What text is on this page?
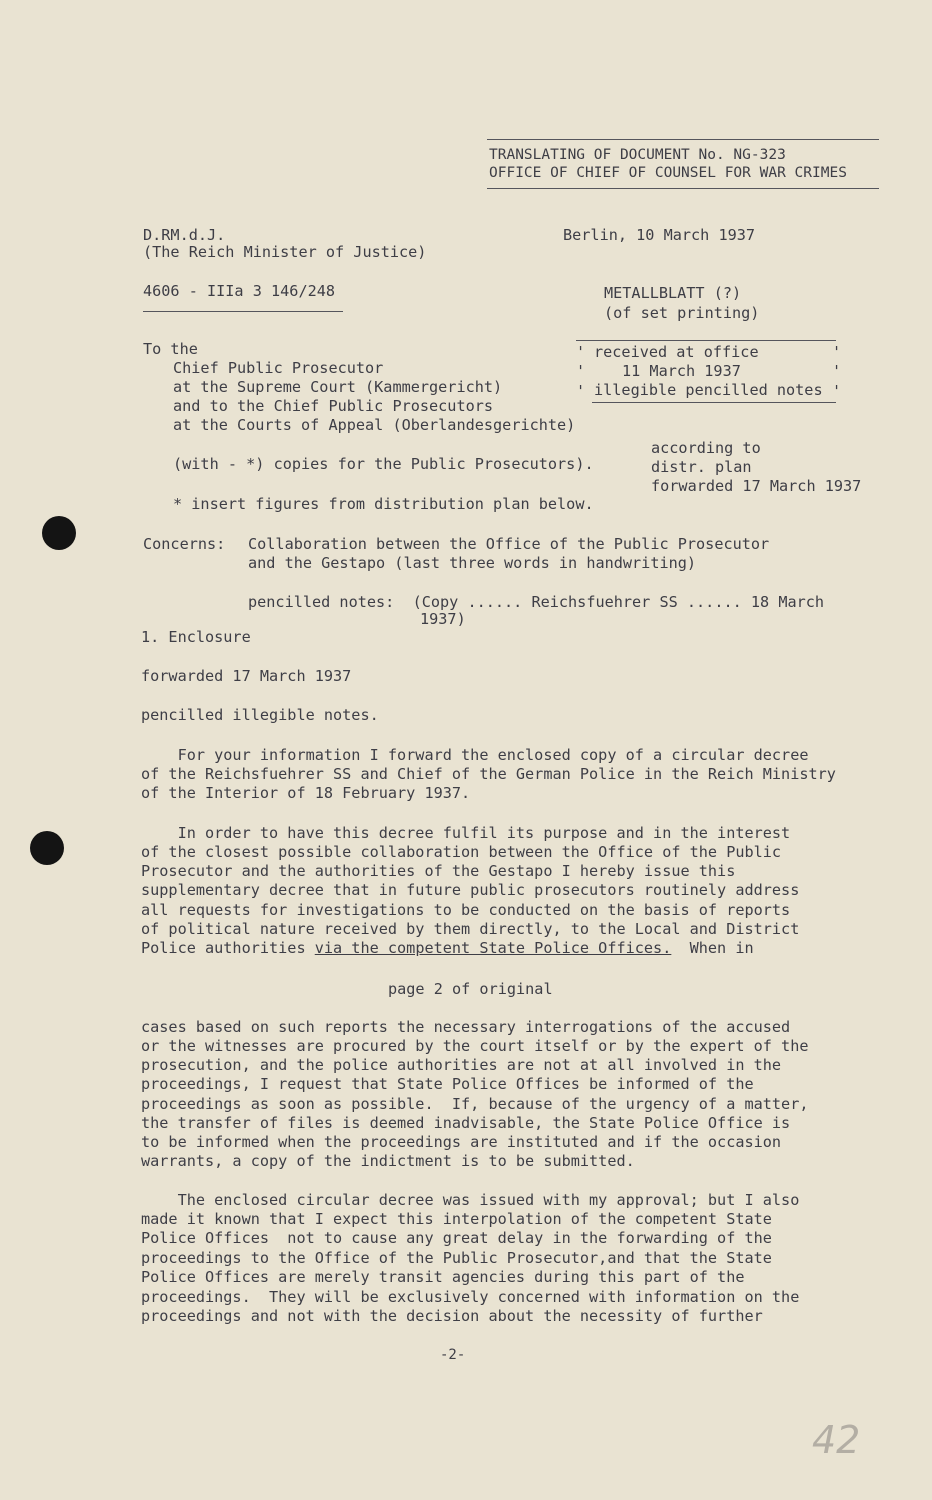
TRANSLATING OF DOCUMENT No. NG-323
OFFICE OF CHIEF OF COUNSEL FOR WAR CRIMES
D.RM.d.J.
(The Reich Minister of Justice)
4606 - IIIa 3 146/248
Berlin, 10 March 1937
METALLBLATT (?)
(of set printing)
'
'
'
'
'
'
received at office
11 March 1937
illegible pencilled notes
To the
Chief Public Prosecutor
at the Supreme Court (Kammergericht)
and to the Chief Public Prosecutors
at the Courts of Appeal (Oberlandesgerichte)
according to
distr. plan
forwarded 17 March 1937
(with - *) copies for the Public Prosecutors).
* insert figures from distribution plan below.
Concerns: Collaboration between the Office of the Public Prosecutor
and the Gestapo (last three words in handwriting)
pencilled notes:  (Copy ...... Reichsfuehrer SS ...... 18 March
1937)
1. Enclosure
forwarded 17 March 1937
pencilled illegible notes.
For your information I forward the enclosed copy of a circular decree
of the Reichsfuehrer SS and Chief of the German Police in the Reich Ministry
of the Interior of 18 February 1937.
In order to have this decree fulfil its purpose and in the interest
of the closest possible collaboration between the Office of the Public
Prosecutor and the authorities of the Gestapo I hereby issue this
supplementary decree that in future public prosecutors routinely address
all requests for investigations to be conducted on the basis of reports
of political nature received by them directly, to the Local and District
Police authorities via the competent State Police Offices.  When in
page 2 of original
cases based on such reports the necessary interrogations of the accused
or the witnesses are procured by the court itself or by the expert of the
prosecution, and the police authorities are not at all involved in the
proceedings, I request that State Police Offices be informed of the
proceedings as soon as possible.  If, because of the urgency of a matter,
the transfer of files is deemed inadvisable, the State Police Office is
to be informed when the proceedings are instituted and if the occasion
warrants, a copy of the indictment is to be submitted.
The enclosed circular decree was issued with my approval; but I also
made it known that I expect this interpolation of the competent State
Police Offices  not to cause any great delay in the forwarding of the
proceedings to the Office of the Public Prosecutor,and that the State
Police Offices are merely transit agencies during this part of the
proceedings.  They will be exclusively concerned with information on the
proceedings and not with the decision about the necessity of further
-2-
42
